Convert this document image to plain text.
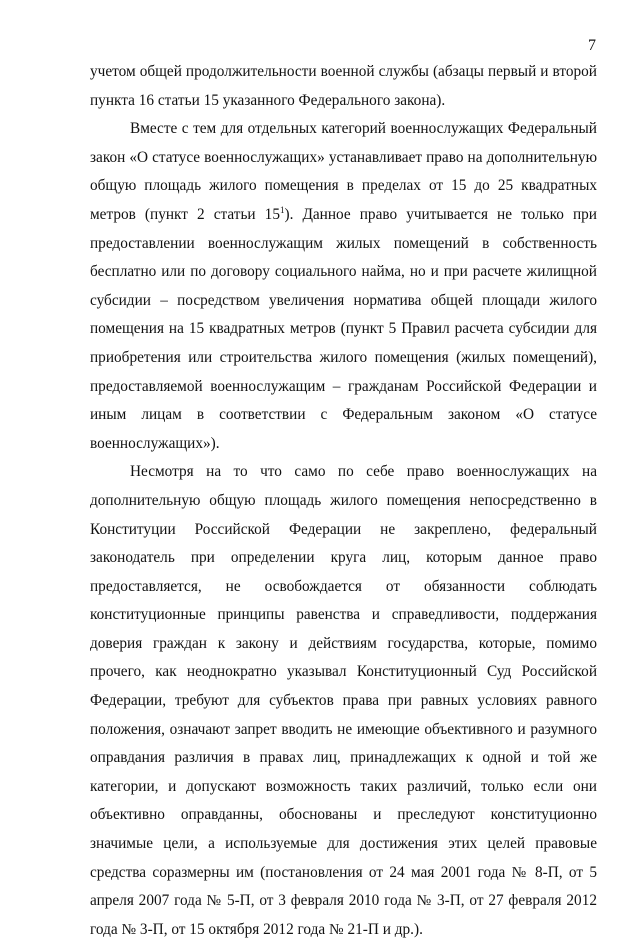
7

учетом общей продолжительности военной службы (абзацы первый и второй пункта 16 статьи 15 указанного Федерального закона).

Вместе с тем для отдельных категорий военнослужащих Федеральный закон «О статусе военнослужащих» устанавливает право на дополнительную общую площадь жилого помещения в пределах от 15 до 25 квадратных метров (пункт 2 статьи $15^1$). Данное право учитывается не только при предоставлении военнослужащим жилых помещений в собственность бесплатно или по договору социального найма, но и при расчете жилищной субсидии – посредством увеличения норматива общей площади жилого помещения на 15 квадратных метров (пункт 5 Правил расчета субсидии для приобретения или строительства жилого помещения (жилых помещений), предоставляемой военнослужащим – гражданам Российской Федерации и иным лицам в соответствии с Федеральным законом «О статусе военнослужащих»).

Несмотря на то что само по себе право военнослужащих на дополнительную общую площадь жилого помещения непосредственно в Конституции Российской Федерации не закреплено, федеральный законодатель при определении круга лиц, которым данное право предоставляется, не освобождается от обязанности соблюдать конституционные принципы равенства и справедливости, поддержания доверия граждан к закону и действиям государства, которые, помимо прочего, как неоднократно указывал Конституционный Суд Российской Федерации, требуют для субъектов права при равных условиях равного положения, означают запрет вводить не имеющие объективного и разумного оправдания различия в правах лиц, принадлежащих к одной и той же категории, и допускают возможность таких различий, только если они объективно оправданны, обоснованы и преследуют конституционно значимые цели, а используемые для достижения этих целей правовые средства соразмерны им (постановления от 24 мая 2001 года № 8-П, от 5 апреля 2007 года № 5-П, от 3 февраля 2010 года № 3-П, от 27 февраля 2012 года № 3-П, от 15 октября 2012 года № 21-П и др.).
